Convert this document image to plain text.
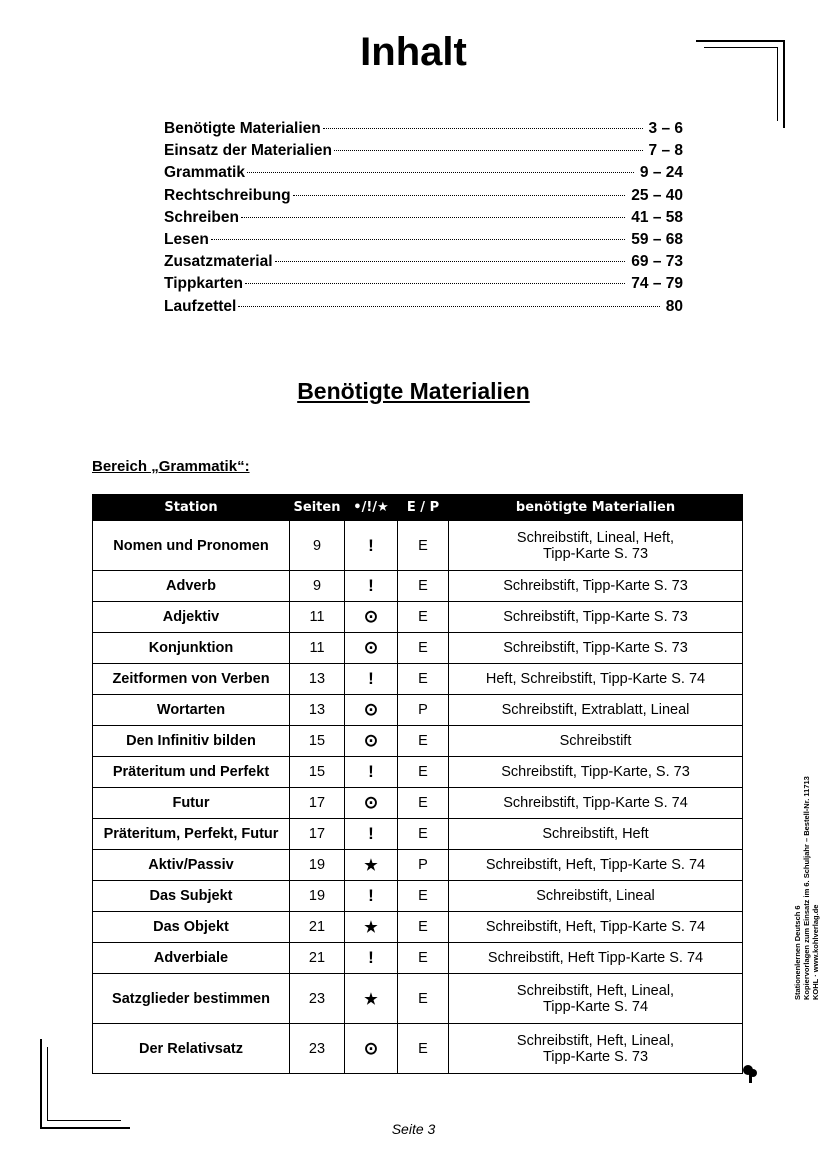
Inhalt
Benötigte Materialien	3 – 6
Einsatz der Materialien	7 – 8
Grammatik	9 – 24
Rechtschreibung	25 – 40
Schreiben	41 – 58
Lesen	59 – 68
Zusatzmaterial	69 – 73
Tippkarten	74 – 79
Laufzettel	80
Benötigte Materialien

Bereich „Grammatik“:

Station	Seiten	•/!/★	E / P	benötigte Materialien
Nomen und Pronomen	9	!	E	Schreibstift, Lineal, Heft,
Tipp-Karte S. 73

Adverb	9	!	E	Schreibstift, Tipp-Karte S. 73

Adjektiv	11	⊙	E	Schreibstift, Tipp-Karte S. 73

Konjunktion	11	⊙	E	Schreibstift, Tipp-Karte S. 73

Zeitformen von Verben	13	!	E	Heft, Schreibstift, Tipp-Karte S. 74

Wortarten	13	⊙	P	Schreibstift, Extrablatt, Lineal

Den Infinitiv bilden	15	⊙	E	Schreibstift

Präteritum und Perfekt	15	!	E	Schreibstift, Tipp-Karte, S. 73

Futur	17	⊙	E	Schreibstift, Tipp-Karte S. 74

Präteritum, Perfekt, Futur	17	!	E	Schreibstift, Heft

Aktiv/Passiv	19	★	P	Schreibstift, Heft, Tipp-Karte S. 74

Das Subjekt	19	!	E	Schreibstift, Lineal

Das Objekt	21	★	E	Schreibstift, Heft, Tipp-Karte S. 74

Adverbiale	21	!	E	Schreibstift, Heft Tipp-Karte S. 74

Satzglieder bestimmen	23	★	E	Schreibstift, Heft, Lineal,
Tipp-Karte S. 74

Der Relativsatz	23	⊙	E	Schreibstift, Heft, Lineal,
Tipp-Karte S. 73
Stationenlernen Deutsch 6 Kopiervorlagen zum Einsatz im 6. Schuljahr – Bestell-Nr. 11713 KOHL · www.kohlverlag.de
Seite 3
